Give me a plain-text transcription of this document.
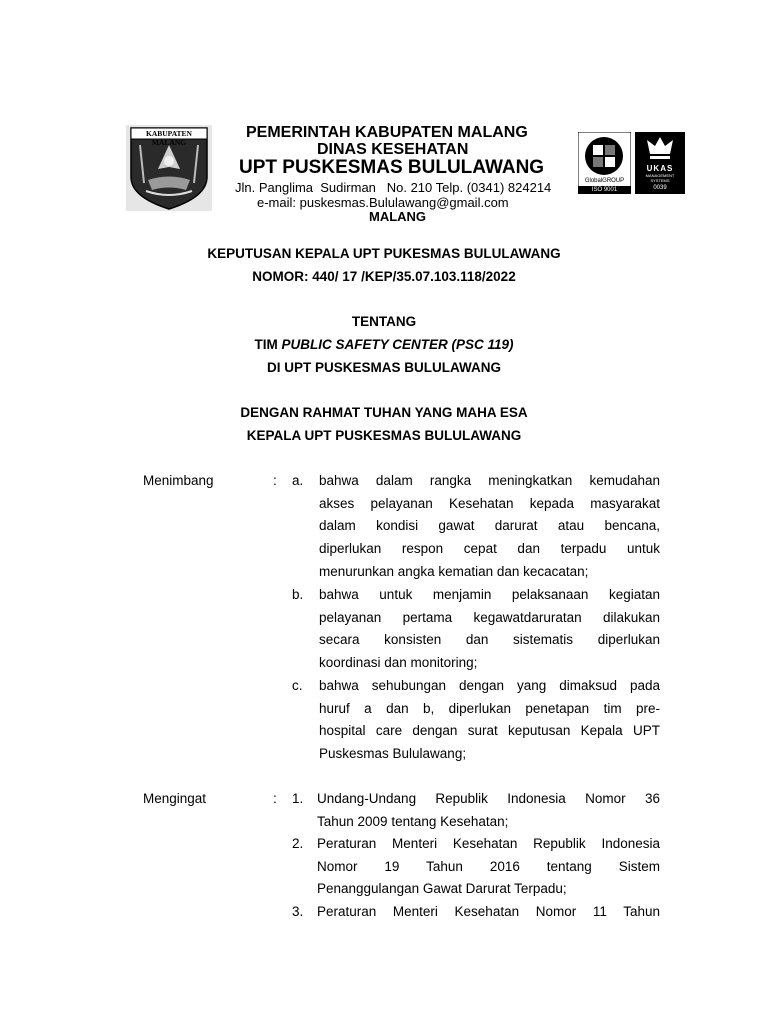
KABUPATEN MALANG
PEMERINTAH KABUPATEN MALANG
DINAS KESEHATAN
UPT PUSKESMAS BULULAWANG
Jln. Panglima  Sudirman   No. 210 Telp. (0341) 824214
e-mail: puskesmas.Bululawang@gmail.com
MALANG
GlobalGROUP
ISO 9001
UKAS
MANAGEMENT SYSTEMS
0039
KEPUTUSAN KEPALA UPT PUKESMAS BULULAWANG
NOMOR: 440/ 17 /KEP/35.07.103.118/2022
TENTANG
TIM PUBLIC SAFETY CENTER (PSC 119)
DI UPT PUSKESMAS BULULAWANG
DENGAN RAHMAT TUHAN YANG MAHA ESA
KEPALA UPT PUSKESMAS BULULAWANG
Menimbang	: a. bahwa dalam rangka meningkatkan kemudahan
akses pelayanan Kesehatan kepada masyarakat
dalam kondisi gawat darurat atau bencana,
diperlukan respon cepat dan terpadu untuk
menurunkan angka kematian dan kecacatan;
b. bahwa untuk menjamin pelaksanaan kegiatan
pelayanan pertama kegawatdaruratan dilakukan
secara konsisten dan sistematis diperlukan
koordinasi dan monitoring;
c. bahwa sehubungan dengan yang dimaksud pada
huruf a dan b, diperlukan penetapan tim pre-
hospital care dengan surat keputusan Kepala UPT
Puskesmas Bululawang;
Mengingat	: 1. Undang-Undang Republik Indonesia Nomor 36
Tahun 2009 tentang Kesehatan;
2. Peraturan Menteri Kesehatan Republik Indonesia
Nomor 19 Tahun 2016 tentang Sistem
Penanggulangan Gawat Darurat Terpadu;
3. Peraturan Menteri Kesehatan Nomor 11 Tahun
